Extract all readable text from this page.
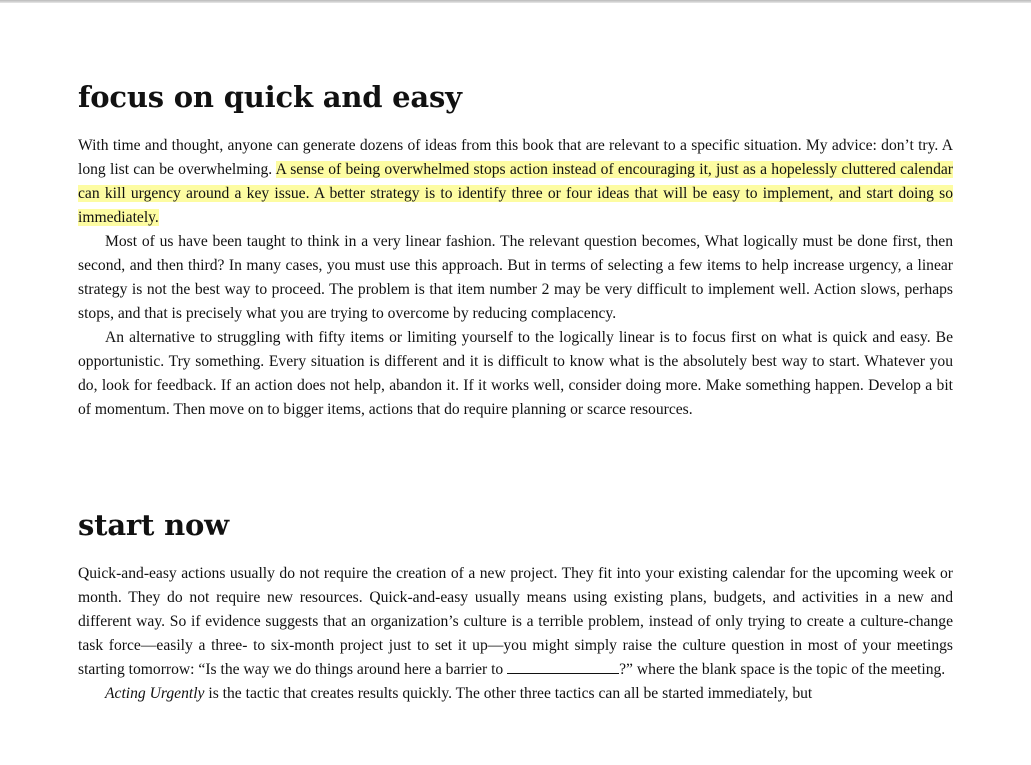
focus on quick and easy

With time and thought, anyone can generate dozens of ideas from this book that are relevant to a specific situation. My advice: don’t try. A long list can be overwhelming. A sense of being overwhelmed stops action instead of encouraging it, just as a hopelessly cluttered calendar can kill urgency around a key issue. A better strategy is to identify three or four ideas that will be easy to implement, and start doing so immediately.

Most of us have been taught to think in a very linear fashion. The relevant question becomes, What logically must be done first, then second, and then third? In many cases, you must use this approach. But in terms of selecting a few items to help increase urgency, a linear strategy is not the best way to proceed. The problem is that item number 2 may be very difficult to implement well. Action slows, perhaps stops, and that is precisely what you are trying to overcome by reducing complacency.

An alternative to struggling with fifty items or limiting yourself to the logically linear is to focus first on what is quick and easy. Be opportunistic. Try something. Every situation is different and it is difficult to know what is the absolutely best way to start. Whatever you do, look for feedback. If an action does not help, abandon it. If it works well, consider doing more. Make something happen. Develop a bit of momentum. Then move on to bigger items, actions that do require planning or scarce resources.

start now

Quick-and-easy actions usually do not require the creation of a new project. They fit into your existing calendar for the upcoming week or month. They do not require new resources. Quick-and-easy usually means using existing plans, budgets, and activities in a new and different way. So if evidence suggests that an organization’s culture is a terrible problem, instead of only trying to create a culture-change task force—easily a three- to six-month project just to set it up—you might simply raise the culture question in most of your meetings starting tomorrow: “Is the way we do things around here a barrier to	?” where the blank space is the topic of the meeting.

Acting Urgently is the tactic that creates results quickly. The other three tactics can all be started immediately, but
